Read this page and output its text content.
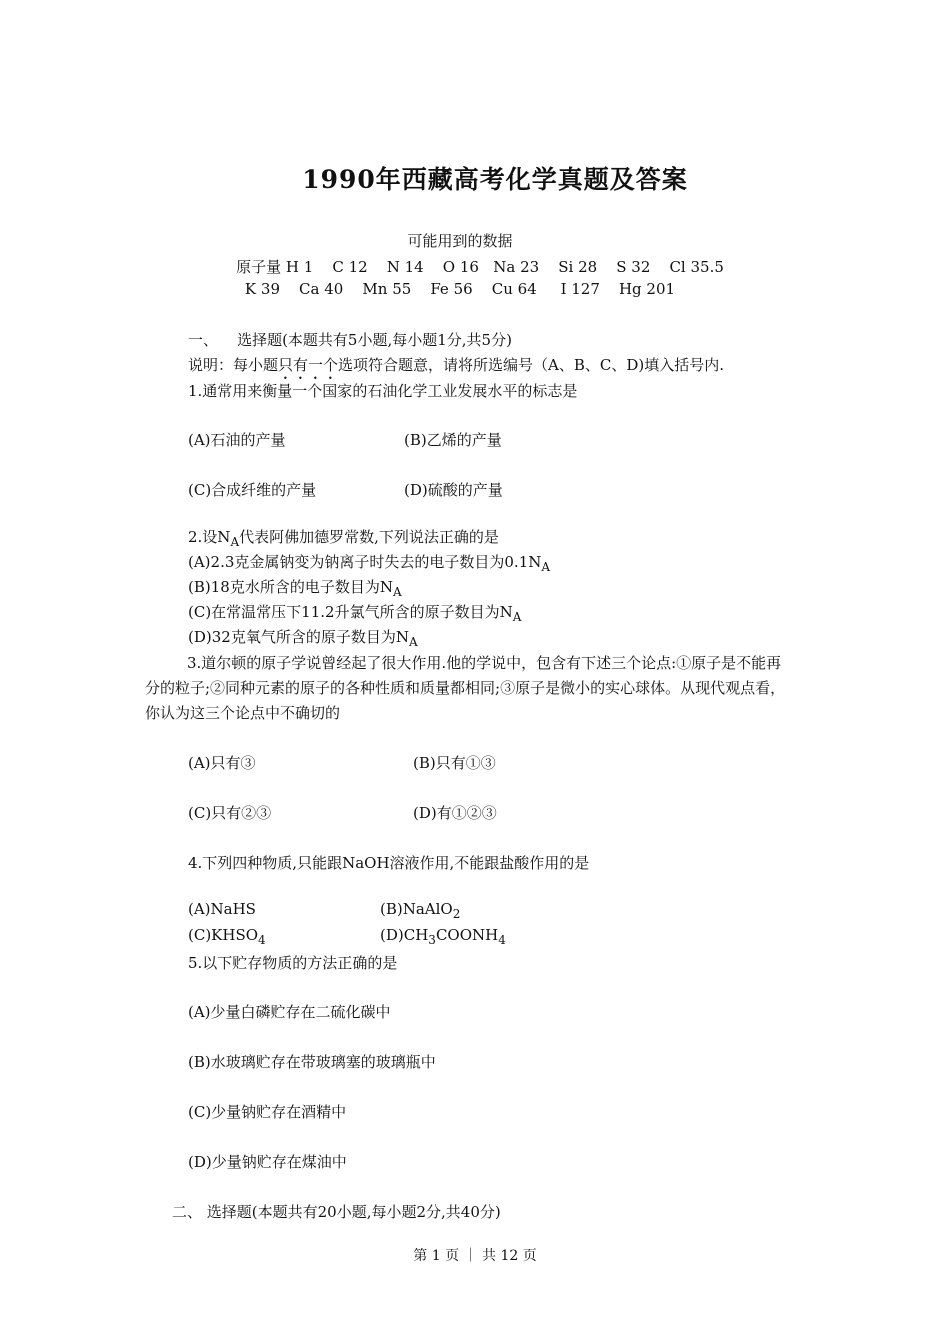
1990年西藏高考化学真题及答案
可能用到的数据
原子量 H 1    C 12    N 14    O 16   Na 23    Si 28    S 32    Cl 35.5
K 39    Ca 40    Mn 55    Fe 56    Cu 64     I 127    Hg 201
一、    选择题(本题共有5小题,每小题1分,共5分)
说明：每小题只有一个选项符合题意，请将所选编号（A、B、C、D)填入括号内.
1.通常用来衡量一个国家的石油化学工业发展水平的标志是
(A)石油的产量	(B)乙烯的产量
(C)合成纤维的产量	(D)硫酸的产量
2.设$N_A$代表阿佛加德罗常数,下列说法正确的是
(A)2.3克金属钠变为钠离子时失去的电子数目为$0.1N_A$
(B)18克水所含的电子数目为$N_A$
(C)在常温常压下11.2升氯气所含的原子数目为$N_A$
(D)32克氧气所含的原子数目为$N_A$
3.道尔顿的原子学说曾经起了很大作用.他的学说中，包含有下述三个论点:①原子是不能再分的粒子;②同种元素的原子的各种性质和质量都相同;③原子是微小的实心球体。从现代观点看，你认为这三个论点中不确切的
(A)只有③	(B)只有①③
(C)只有②③	(D)有①②③
4.下列四种物质,只能跟NaOH溶液作用,不能跟盐酸作用的是
(A)NaHS	(B)NaAlO$_2$
$(C)KHSO_4$	$(D)CH_3COONH_4$
5.以下贮存物质的方法正确的是
(A)少量白磷贮存在二硫化碳中
(B)水玻璃贮存在带玻璃塞的玻璃瓶中
(C)少量钠贮存在酒精中
(D)少量钠贮存在煤油中
二、 选择题(本题共有20小题,每小题2分,共40分)
第 1 页 ｜ 共 12 页
